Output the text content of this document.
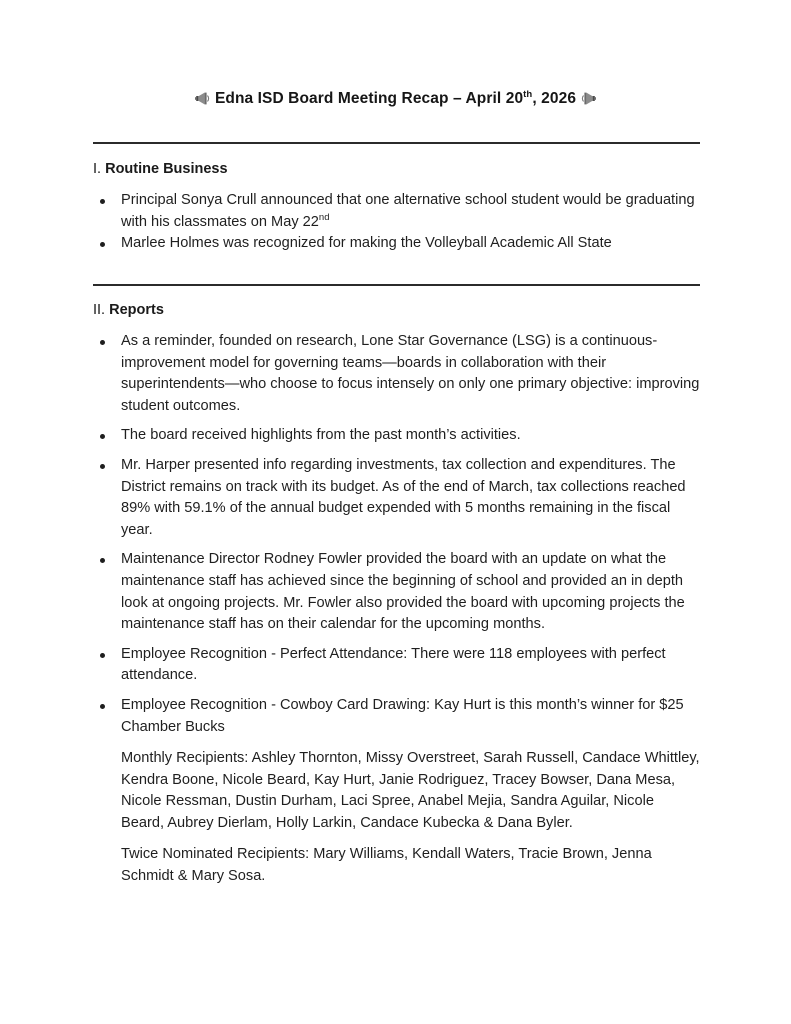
Edna ISD Board Meeting Recap – April 20th, 2026
I. Routine Business
Principal Sonya Crull announced that one alternative school student would be graduating with his classmates on May 22nd
Marlee Holmes was recognized for making the Volleyball Academic All State
II. Reports
As a reminder, founded on research, Lone Star Governance (LSG) is a continuous-improvement model for governing teams—boards in collaboration with their superintendents—who choose to focus intensely on only one primary objective: improving student outcomes.
The board received highlights from the past month’s activities.
Mr. Harper presented info regarding investments, tax collection and expenditures. The District remains on track with its budget. As of the end of March, tax collections reached 89% with 59.1% of the annual budget expended with 5 months remaining in the fiscal year.
Maintenance Director Rodney Fowler provided the board with an update on what the maintenance staff has achieved since the beginning of school and provided an in depth look at ongoing projects. Mr. Fowler also provided the board with upcoming projects the maintenance staff has on their calendar for the upcoming months.
Employee Recognition - Perfect Attendance: There were 118 employees with perfect attendance.
Employee Recognition - Cowboy Card Drawing: Kay Hurt is this month’s winner for $25 Chamber Bucks
Monthly Recipients: Ashley Thornton, Missy Overstreet, Sarah Russell, Candace Whittley, Kendra Boone, Nicole Beard, Kay Hurt, Janie Rodriguez, Tracey Bowser, Dana Mesa, Nicole Ressman, Dustin Durham, Laci Spree, Anabel Mejia, Sandra Aguilar, Nicole Beard, Aubrey Dierlam, Holly Larkin, Candace Kubecka & Dana Byler.
Twice Nominated Recipients: Mary Williams, Kendall Waters, Tracie Brown, Jenna Schmidt & Mary Sosa.
